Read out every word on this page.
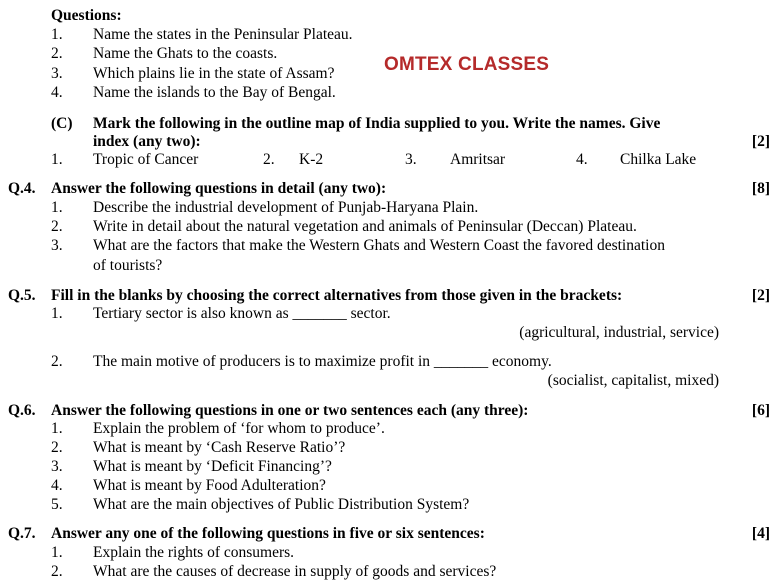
Questions:
1. Name the states in the Peninsular Plateau.
2. Name the Ghats to the coasts.
3. Which plains lie in the state of Assam?
4. Name the islands to the Bay of Bengal.
OMTEX CLASSES
(C) Mark the following in the outline map of India supplied to you. Write the names. Give
index (any two):	[2]
1. Tropic of Cancer	2. K-2	3. Amritsar	4. Chilka Lake
Q.4. Answer the following questions in detail (any two):	[8]
1. Describe the industrial development of Punjab-Haryana Plain.
2. Write in detail about the natural vegetation and animals of Peninsular (Deccan) Plateau.
3. What are the factors that make the Western Ghats and Western Coast the favored destination
of tourists?
Q.5. Fill in the blanks by choosing the correct alternatives from those given in the brackets:	[2]
1. Tertiary sector is also known as _______ sector.
(agricultural, industrial, service)
2. The main motive of producers is to maximize profit in _______ economy.
(socialist, capitalist, mixed)
Q.6. Answer the following questions in one or two sentences each (any three):	[6]
1. Explain the problem of ‘for whom to produce’.
2. What is meant by ‘Cash Reserve Ratio’?
3. What is meant by ‘Deficit Financing’?
4. What is meant by Food Adulteration?
5. What are the main objectives of Public Distribution System?
Q.7. Answer any one of the following questions in five or six sentences:	[4]
1. Explain the rights of consumers.
2. What are the causes of decrease in supply of goods and services?
